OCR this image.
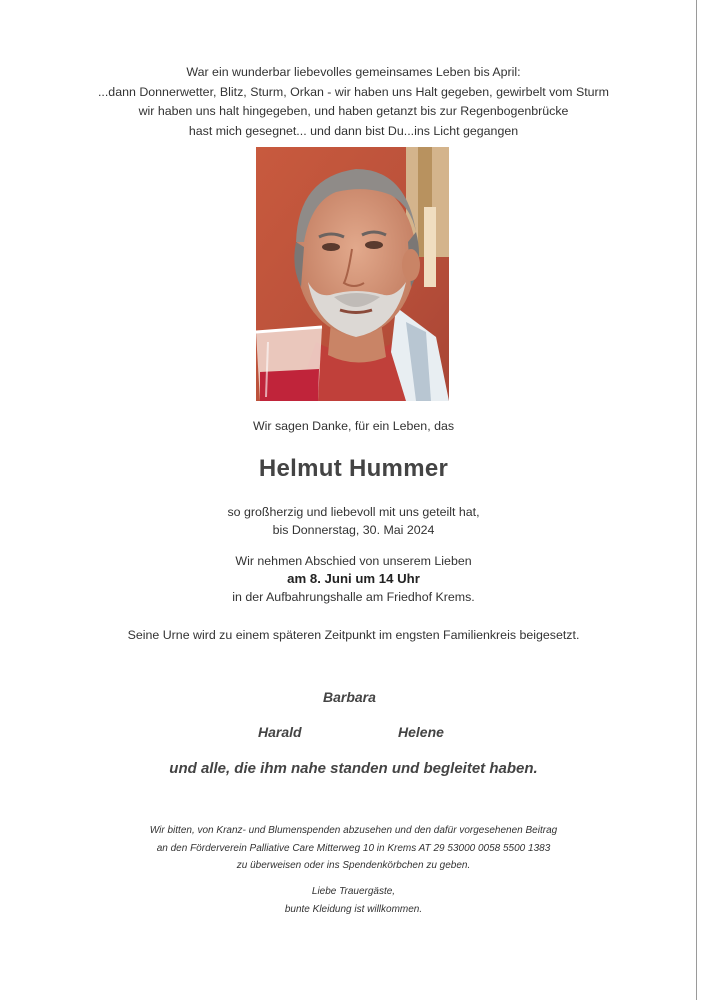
War ein wunderbar liebevolles gemeinsames Leben bis April:
...dann Donnerwetter, Blitz, Sturm, Orkan - wir haben uns Halt gegeben, gewirbelt vom Sturm
wir haben uns halt hingegeben, und haben getanzt bis zur Regenbogenbrücke
hast mich gesegnet... und dann bist Du...ins Licht gegangen
Wir sagen Danke, für ein Leben, das
Helmut Hummer
so großherzig und liebevoll mit uns geteilt hat,
bis Donnerstag, 30. Mai 2024
Wir nehmen Abschied von unserem Lieben
am 8. Juni um 14 Uhr
in der Aufbahrungshalle am Friedhof Krems.
Seine Urne wird zu einem späteren Zeitpunkt im engsten Familienkreis beigesetzt.
Barbara
Harald	Helene
und alle, die ihm nahe standen und begleitet haben.
Wir bitten, von Kranz- und Blumenspenden abzusehen und den dafür vorgesehenen Beitrag
an den Förderverein Palliative Care Mitterweg 10 in Krems AT 29 53000 0058 5500 1383
zu überweisen oder ins Spendenkörbchen zu geben.
Liebe Trauergäste,
bunte Kleidung ist willkommen.
